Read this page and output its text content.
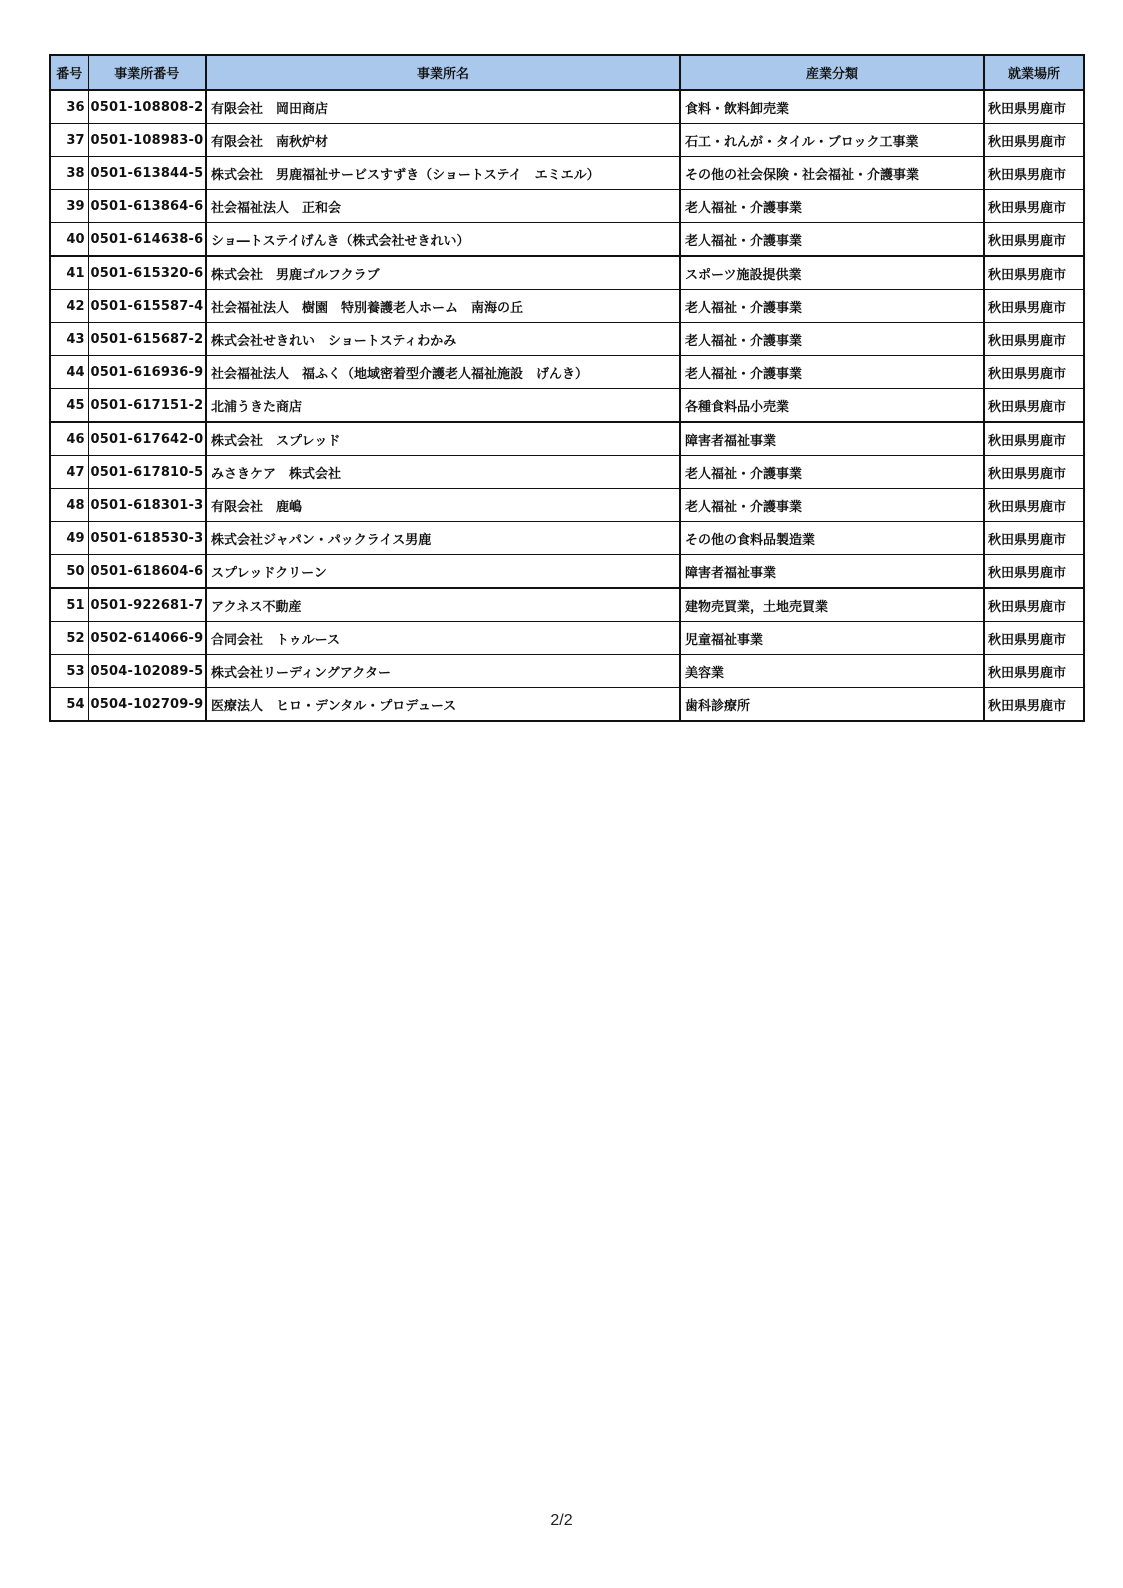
番号	事業所番号	事業所名	産業分類	就業場所
36	0501-108808-2	有限会社　岡田商店	食料・飲料卸売業	秋田県男鹿市
37	0501-108983-0	有限会社　南秋炉材	石工・れんが・タイル・ブロック工事業	秋田県男鹿市
38	0501-613844-5	株式会社　男鹿福祉サービスすずき（ショートステイ　エミエル）	その他の社会保険・社会福祉・介護事業	秋田県男鹿市
39	0501-613864-6	社会福祉法人　正和会	老人福祉・介護事業	秋田県男鹿市
40	0501-614638-6	ショ―トステイげんき（株式会社せきれい）	老人福祉・介護事業	秋田県男鹿市
41	0501-615320-6	株式会社　男鹿ゴルフクラブ	スポーツ施設提供業	秋田県男鹿市
42	0501-615587-4	社会福祉法人　樹園　特別養護老人ホーム　南海の丘	老人福祉・介護事業	秋田県男鹿市
43	0501-615687-2	株式会社せきれい　ショートスティわかみ	老人福祉・介護事業	秋田県男鹿市
44	0501-616936-9	社会福祉法人　福ふく（地域密着型介護老人福祉施設　げんき）	老人福祉・介護事業	秋田県男鹿市
45	0501-617151-2	北浦うきた商店	各種食料品小売業	秋田県男鹿市
46	0501-617642-0	株式会社　スプレッド	障害者福祉事業	秋田県男鹿市
47	0501-617810-5	みさきケア　株式会社	老人福祉・介護事業	秋田県男鹿市
48	0501-618301-3	有限会社　鹿嶋	老人福祉・介護事業	秋田県男鹿市
49	0501-618530-3	株式会社ジャパン・パックライス男鹿	その他の食料品製造業	秋田県男鹿市
50	0501-618604-6	スプレッドクリーン	障害者福祉事業	秋田県男鹿市
51	0501-922681-7	アクネス不動産	建物売買業，土地売買業	秋田県男鹿市
52	0502-614066-9	合同会社　トゥルース	児童福祉事業	秋田県男鹿市
53	0504-102089-5	株式会社リーディングアクター	美容業	秋田県男鹿市
54	0504-102709-9	医療法人　ヒロ・デンタル・プロデュース	歯科診療所	秋田県男鹿市
2/2
